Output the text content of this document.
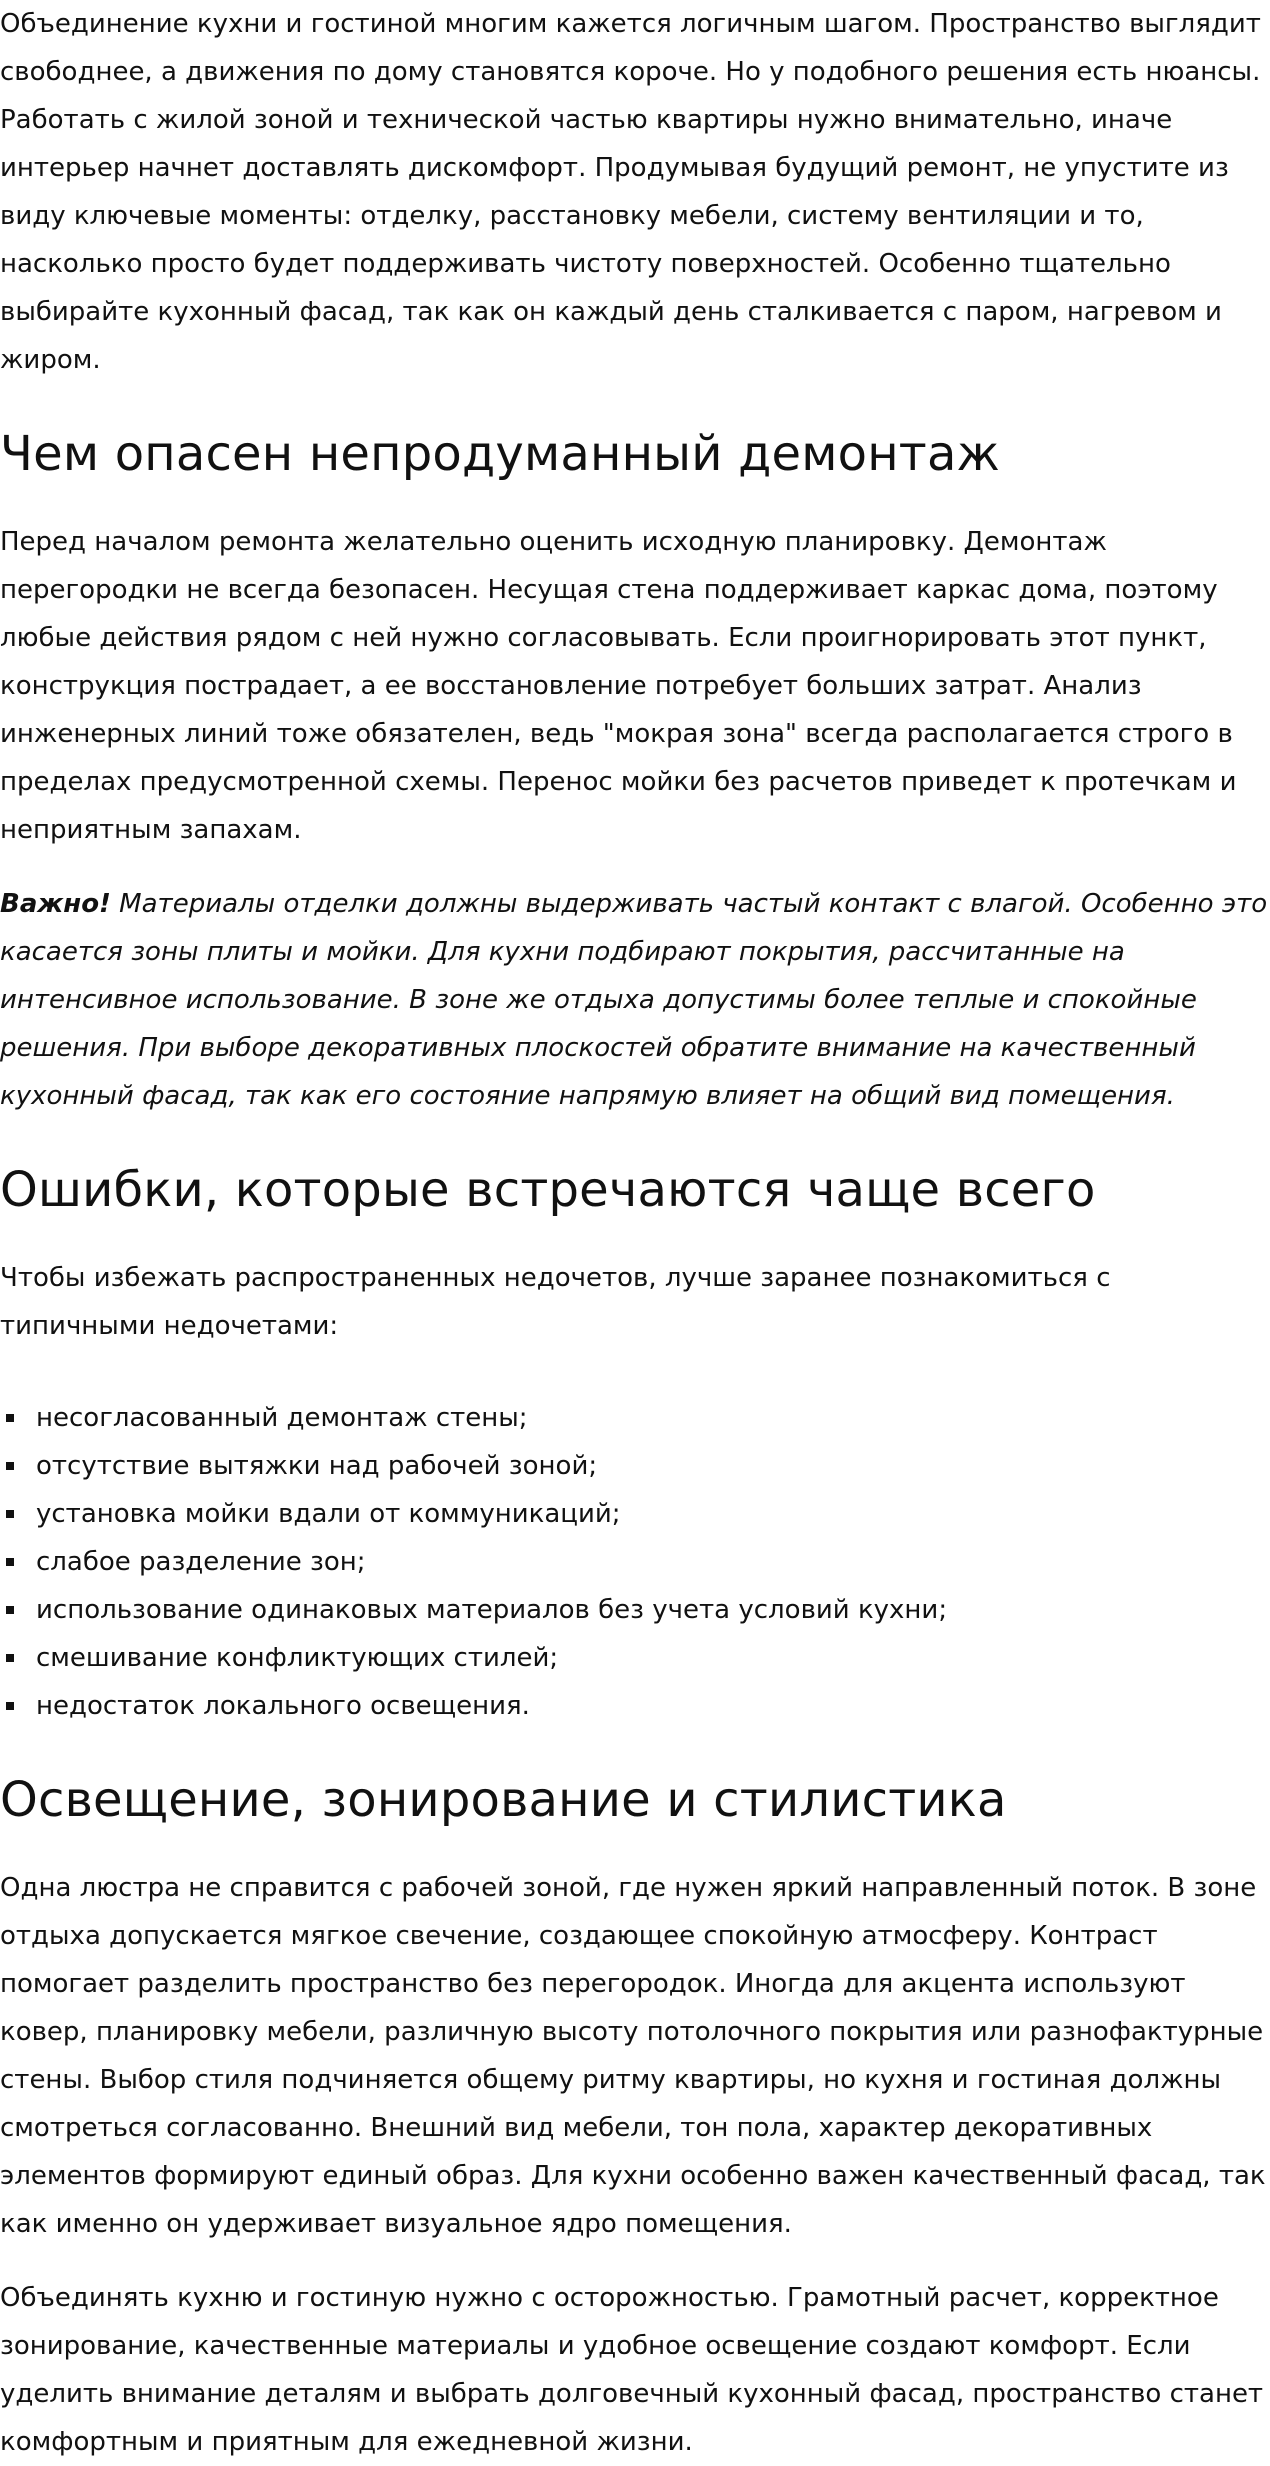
Объединение кухни и гостиной многим кажется логичным шагом. Пространство выглядит свободнее, а движения по дому становятся короче. Но у подобного решения есть нюансы. Работать с жилой зоной и технической частью квартиры нужно внимательно, иначе интерьер начнет доставлять дискомфорт. Продумывая будущий ремонт, не упустите из виду ключевые моменты: отделку, расстановку мебели, систему вентиляции и то, насколько просто будет поддерживать чистоту поверхностей. Особенно тщательно выбирайте кухонный фасад, так как он каждый день сталкивается с паром, нагревом и жиром.

Чем опасен непродуманный демонтаж

Перед началом ремонта желательно оценить исходную планировку. Демонтаж перегородки не всегда безопасен. Несущая стена поддерживает каркас дома, поэтому любые действия рядом с ней нужно согласовывать. Если проигнорировать этот пункт, конструкция пострадает, а ее восстановление потребует больших затрат. Анализ инженерных линий тоже обязателен, ведь "мокрая зона" всегда располагается строго в пределах предусмотренной схемы. Перенос мойки без расчетов приведет к протечкам и неприятным запахам.

Важно! Материалы отделки должны выдерживать частый контакт с влагой. Особенно это касается зоны плиты и мойки. Для кухни подбирают покрытия, рассчитанные на интенсивное использование. В зоне же отдыха допустимы более теплые и спокойные решения. При выборе декоративных плоскостей обратите внимание на качественный кухонный фасад, так как его состояние напрямую влияет на общий вид помещения.

Ошибки, которые встречаются чаще всего

Чтобы избежать распространенных недочетов, лучше заранее познакомиться с типичными недочетами:

несогласованный демонтаж стены;
отсутствие вытяжки над рабочей зоной;
установка мойки вдали от коммуникаций;
слабое разделение зон;
использование одинаковых материалов без учета условий кухни;
смешивание конфликтующих стилей;
недостаток локального освещения.
Освещение, зонирование и стилистика

Одна люстра не справится с рабочей зоной, где нужен яркий направленный поток. В зоне отдыха допускается мягкое свечение, создающее спокойную атмосферу. Контраст помогает разделить пространство без перегородок. Иногда для акцента используют ковер, планировку мебели, различную высоту потолочного покрытия или разнофактурные стены. Выбор стиля подчиняется общему ритму квартиры, но кухня и гостиная должны смотреться согласованно. Внешний вид мебели, тон пола, характер декоративных элементов формируют единый образ. Для кухни особенно важен качественный фасад, так как именно он удерживает визуальное ядро помещения.

Объединять кухню и гостиную нужно с осторожностью. Грамотный расчет, корректное зонирование, качественные материалы и удобное освещение создают комфорт. Если уделить внимание деталям и выбрать долговечный кухонный фасад, пространство станет комфортным и приятным для ежедневной жизни.
